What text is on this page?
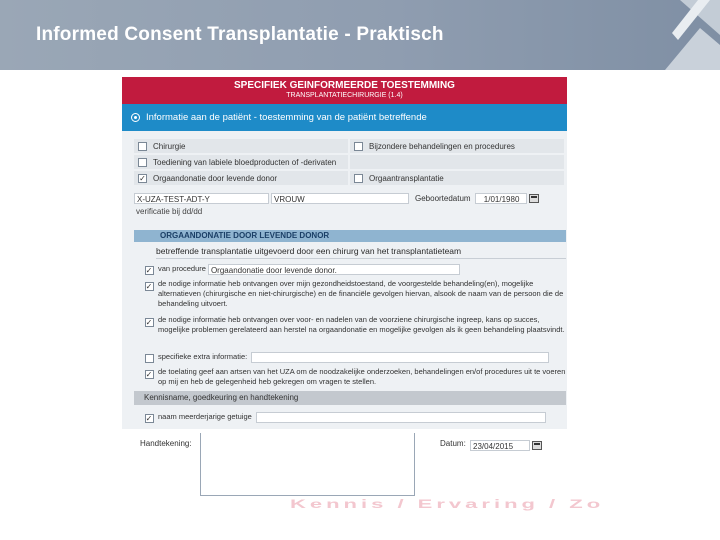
Informed Consent Transplantatie - Praktisch
SPECIFIEK GEINFORMEERDE TOESTEMMING
TRANSPLANTATIECHIRURGIE (1.4)
Informatie aan de patiënt - toestemming van de patiënt betreffende
Chirurgie	Bijzondere behandelingen en procedures
Toediening van labiele bloedproducten of -derivaten
✓
Orgaandonatie door levende donor	Orgaantransplantatie
X-UZA-TEST-ADT-Y	VROUW	Geboortedatum	1/01/1980
verificatie bij dd/dd
ORGAANDONATIE DOOR LEVENDE DONOR
betreffende transplantatie uitgevoerd door een chirurg van het transplantatieteam
✓
van procedure Orgaandonatie door levende donor.
✓
de nodige informatie heb ontvangen over mijn gezondheidstoestand, de voorgestelde behandeling(en), mogelijke alternatieven (chirurgische en niet-chirurgische) en de financiële gevolgen hiervan, alsook de naam van de persoon die de behandeling uitvoert.
✓
de nodige informatie heb ontvangen over voor- en nadelen van de voorziene chirurgische ingreep, kans op succes, mogelijke problemen gerelateerd aan herstel na orgaandonatie en mogelijke gevolgen als ik geen behandeling plaatsvindt.
specifieke extra informatie:
✓
de toelating geef aan artsen van het UZA om de noodzakelijke onderzoeken, behandelingen en/of procedures uit te voeren op mij en heb de gelegenheid heb gekregen om vragen te stellen.
Kennisname, goedkeuring en handtekening
✓
naam meerderjarige getuige
Handtekening:	Datum: 23/04/2015
Kennis / Ervaring / Zo
